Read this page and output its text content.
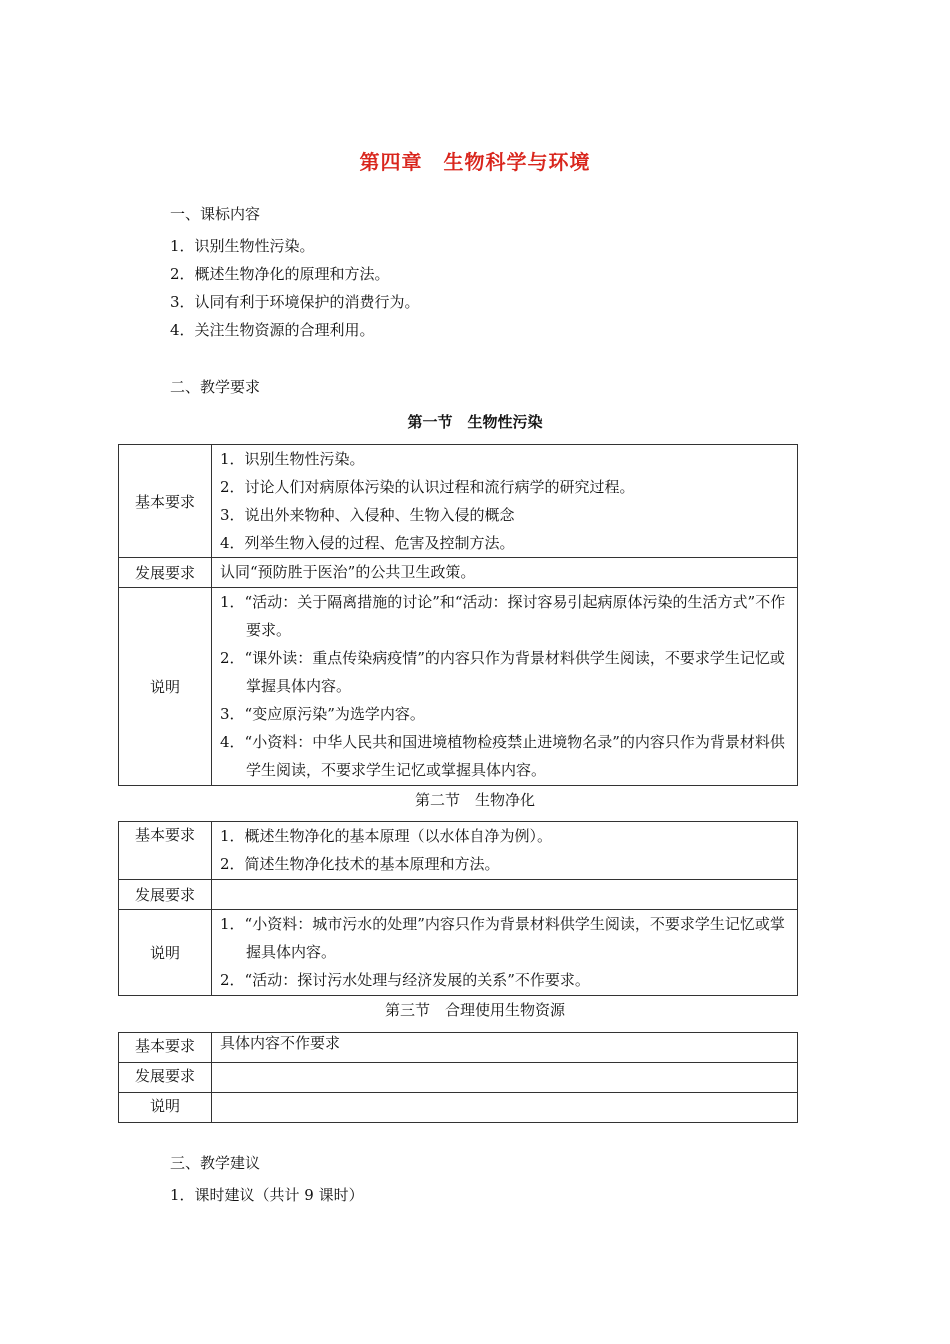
第四章　生物科学与环境
一、课标内容
1．识别生物性污染。
2．概述生物净化的原理和方法。
3．认同有利于环境保护的消费行为。
4．关注生物资源的合理利用。
二、教学要求
第一节　生物性污染
基本要求	1．识别生物性污染。
2．讨论人们对病原体污染的认识过程和流行病学的研究过程。
3．说出外来物种、入侵种、生物入侵的概念
4．列举生物入侵的过程、危害及控制方法。

发展要求	认同“预防胜于医治”的公共卫生政策。
说明	1．“活动：关于隔离措施的讨论”和“活动：探讨容易引起病原体污染的生活方式”不作要求。
2．“课外读：重点传染病疫情”的内容只作为背景材料供学生阅读，不要求学生记忆或掌握具体内容。
3．“变应原污染”为选学内容。
4．“小资料：中华人民共和国进境植物检疫禁止进境物名录”的内容只作为背景材料供学生阅读，不要求学生记忆或掌握具体内容。
第二节　生物净化
基本要求	1．概述生物净化的基本原理（以水体自净为例）。
2．简述生物净化技术的基本原理和方法。

发展要求	
说明	1．“小资料：城市污水的处理”内容只作为背景材料供学生阅读，不要求学生记忆或掌握具体内容。
2．“活动：探讨污水处理与经济发展的关系”不作要求。
第三节　合理使用生物资源
基本要求	具体内容不作要求
发展要求	
说明	
三、教学建议
1．课时建议（共计 9 课时）
